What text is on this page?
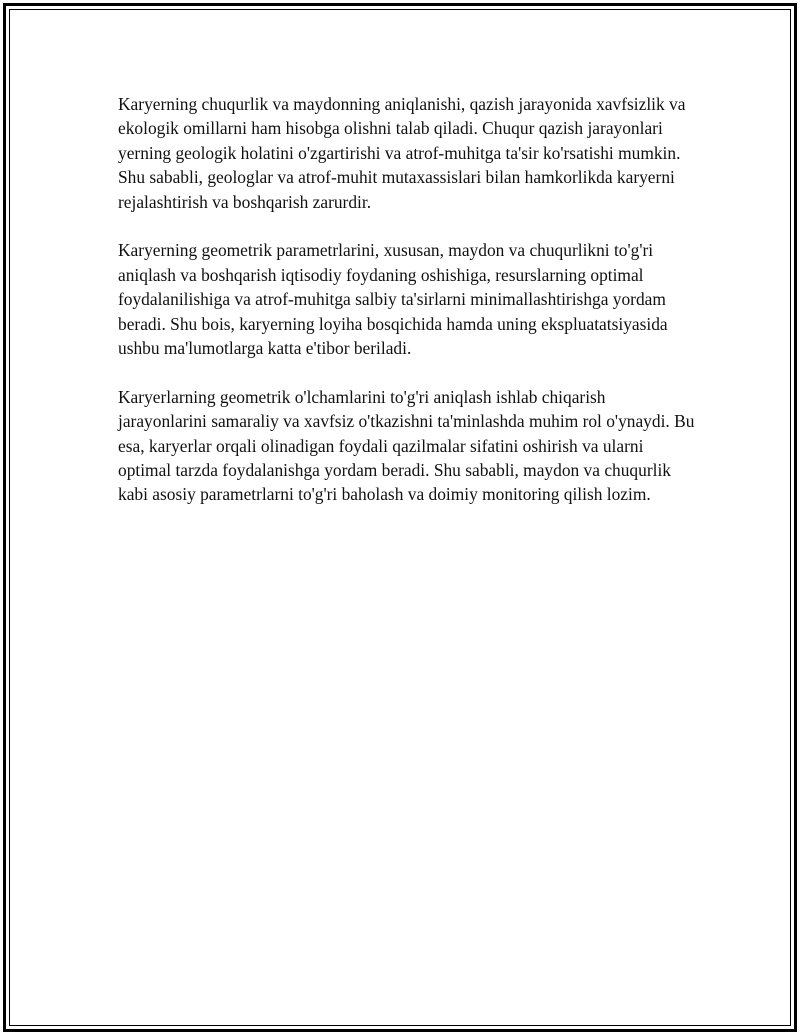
Karyerning chuqurlik va maydonning aniqlanishi, qazish jarayonida xavfsizlik va ekologik omillarni ham hisobga olishni talab qiladi. Chuqur qazish jarayonlari yerning geologik holatini o'zgartirishi va atrof-muhitga ta'sir ko'rsatishi mumkin. Shu sababli, geologlar va atrof-muhit mutaxassislari bilan hamkorlikda karyerni rejalashtirish va boshqarish zarurdir.

Karyerning geometrik parametrlarini, xususan, maydon va chuqurlikni to'g'ri aniqlash va boshqarish iqtisodiy foydaning oshishiga, resurslarning optimal foydalanilishiga va atrof-muhitga salbiy ta'sirlarni minimallashtirishga yordam beradi. Shu bois, karyerning loyiha bosqichida hamda uning ekspluatatsiyasida ushbu ma'lumotlarga katta e'tibor beriladi.

Karyerlarning geometrik o'lchamlarini to'g'ri aniqlash ishlab chiqarish jarayonlarini samaraliy va xavfsiz o'tkazishni ta'minlashda muhim rol o'ynaydi. Bu esa, karyerlar orqali olinadigan foydali qazilmalar sifatini oshirish va ularni optimal tarzda foydalanishga yordam beradi. Shu sababli, maydon va chuqurlik kabi asosiy parametrlarni to'g'ri baholash va doimiy monitoring qilish lozim.
